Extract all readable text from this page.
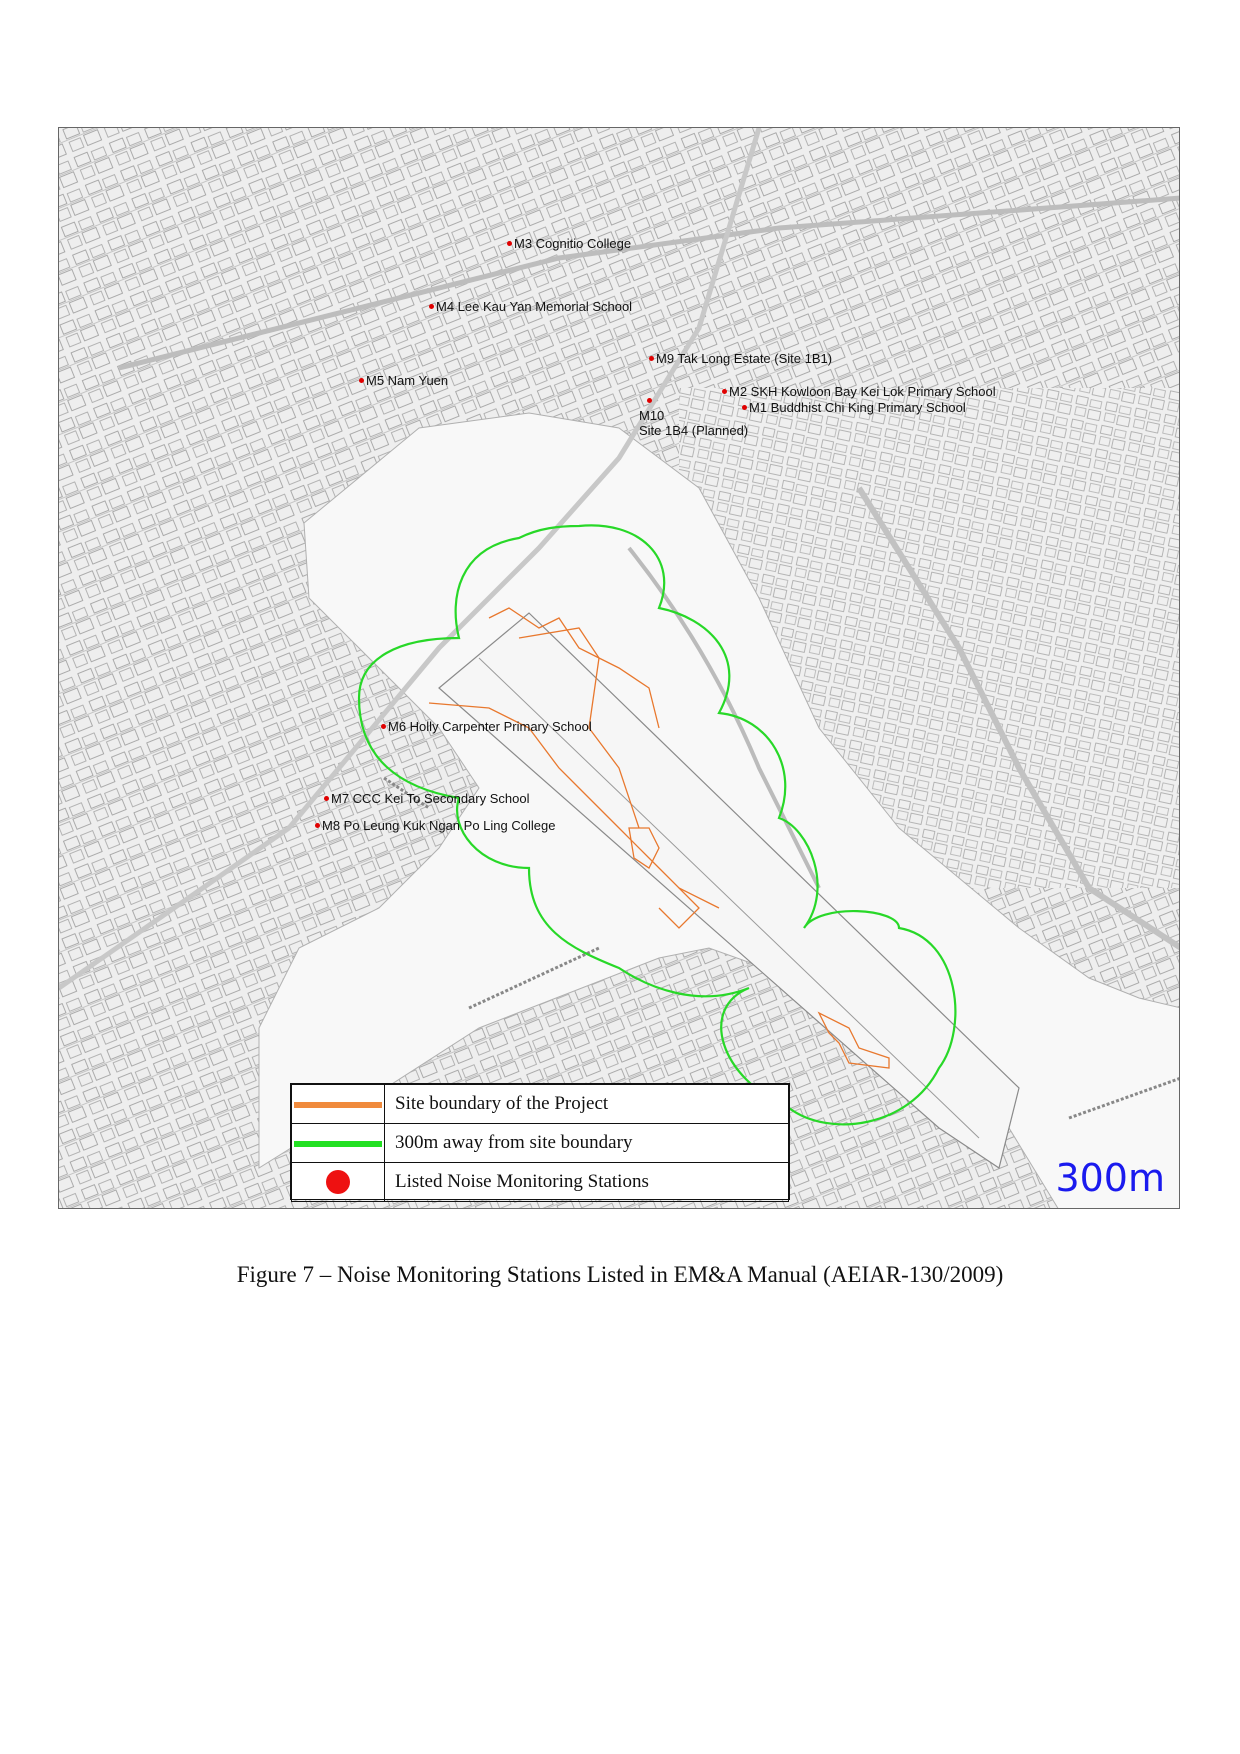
M3 Cognitio College
M4 Lee Kau Yan Memorial School
M9 Tak Long Estate (Site 1B1)
M5 Nam Yuen
M2 SKH Kowloon Bay Kei Lok Primary School
M10
Site 1B4 (Planned)
M1 Buddhist Chi King Primary School
M6 Holly Carpenter Primary School
M7 CCC Kei To Secondary School
M8 Po Leung Kuk Ngan Po Ling College
	Site boundary of the Project
	300m away from site boundary
	Listed Noise Monitoring Stations	300m
Figure 7 – Noise Monitoring Stations Listed in EM&A Manual (AEIAR-130/2009)
